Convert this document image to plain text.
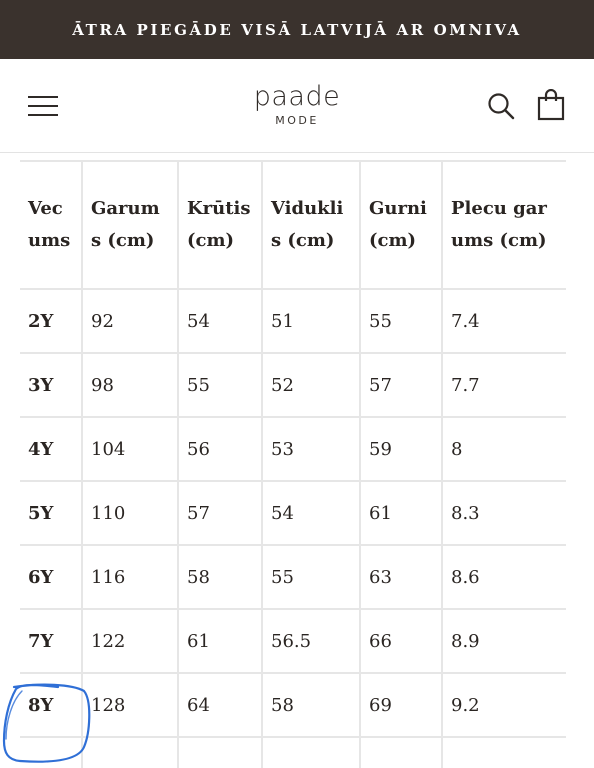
ĀTRA PIEGĀDE VISĀ LATVIJĀ AR OMNIVA
paade
MODE
Vecums	Garums (cm)	Krūtis (cm)	Viduklis (cm)	Gurni (cm)	Plecu garums (cm)
2Y	92	54	51	55	7.4
3Y	98	55	52	57	7.7
4Y	104	56	53	59	8
5Y	110	57	54	61	8.3
6Y	116	58	55	63	8.6
7Y	122	61	56.5	66	8.9
8Y	128	64	58	69	9.2
